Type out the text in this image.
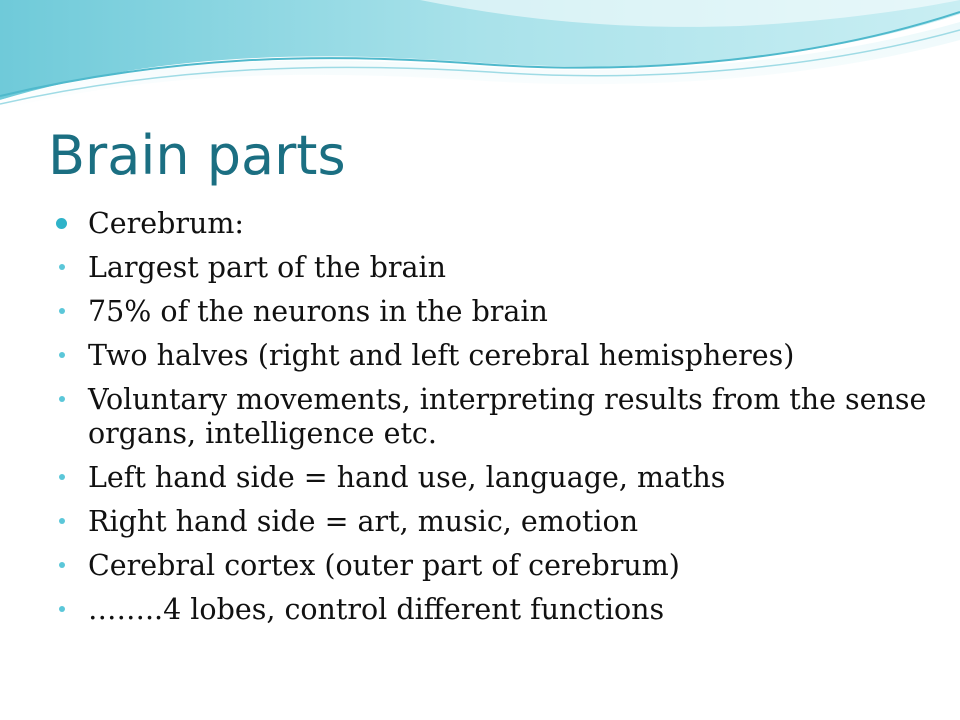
Brain parts
Cerebrum:
Largest part of the brain
75% of the neurons in the brain
Two halves (right and left cerebral hemispheres)
Voluntary movements, interpreting results from the sense organs, intelligence etc.
Left hand side = hand use, language, maths
Right hand side = art, music, emotion
Cerebral cortex (outer part of cerebrum)
……..4 lobes, control different functions
